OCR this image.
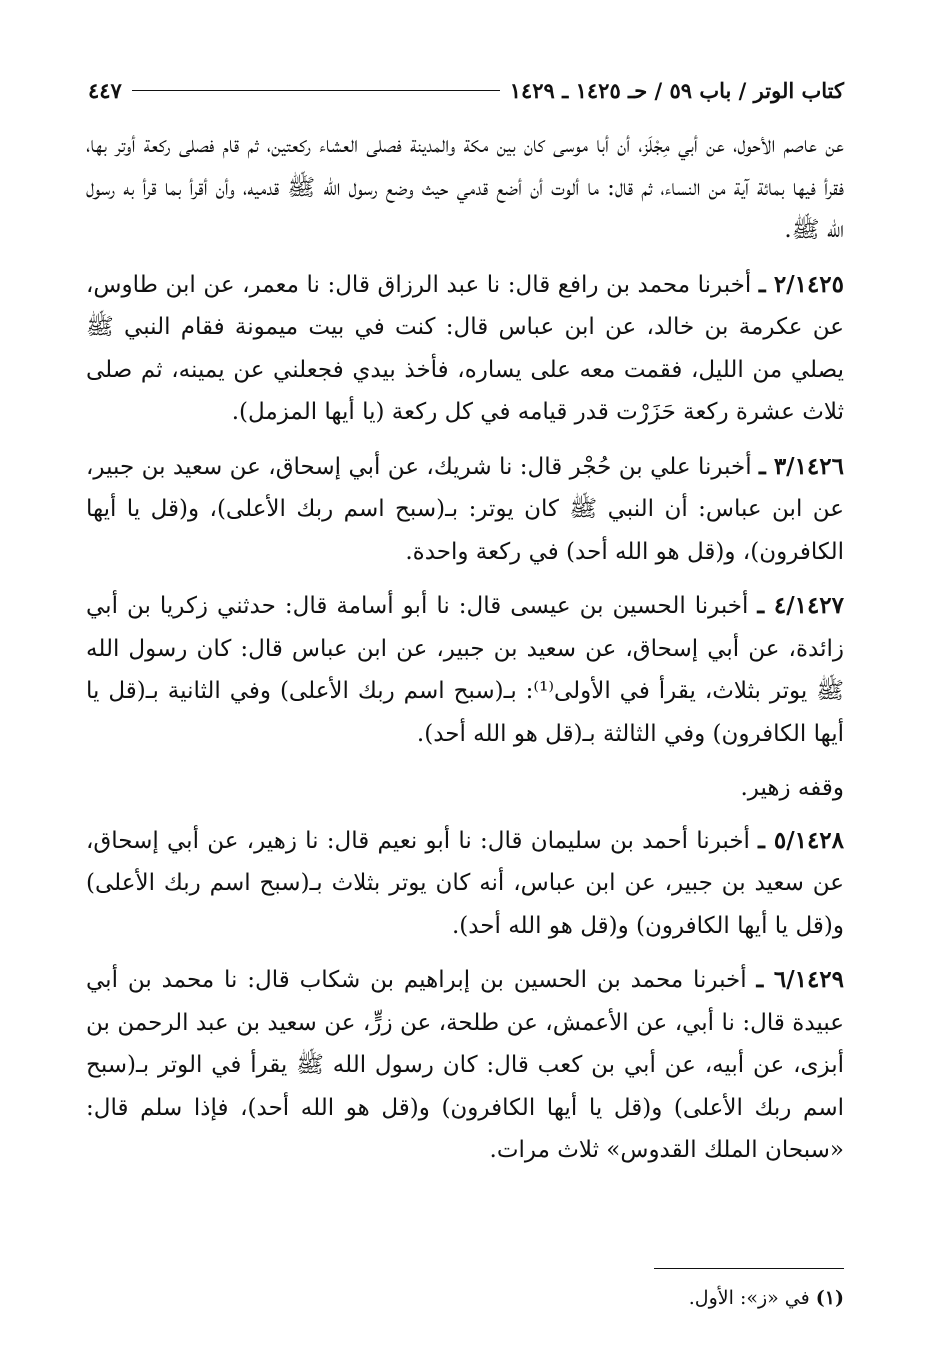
كتاب الوتر / باب ٥٩ / حـ ١٤٢٥ ـ ١٤٢٩
٤٤٧

عن عاصم الأحول، عن أبي مِجْلَز، أن أبا موسى كان بين مكة والمدينة فصلى العشاء ركعتين، ثم قام فصلى ركعة أوتر بها، فقرأ فيها بمائة آية من النساء، ثم قال: ما ألوت أن أضع قدمي حيث وضع رسول الله ﷺ قدميه، وأن أقرأ بما قرأ به رسول الله ﷺ.

٢/١٤٢٥ ـ أخبرنا محمد بن رافع قال: نا عبد الرزاق قال: نا معمر، عن ابن طاوس، عن عكرمة بن خالد، عن ابن عباس قال: كنت في بيت ميمونة فقام النبي ﷺ يصلي من الليل، فقمت معه على يساره، فأخذ بيدي فجعلني عن يمينه، ثم صلى ثلاث عشرة ركعة حَزَرْت قدر قيامه في كل ركعة (يا أيها المزمل).

٣/١٤٢٦ ـ أخبرنا علي بن حُجْر قال: نا شريك، عن أبي إسحاق، عن سعيد بن جبير، عن ابن عباس: أن النبي ﷺ كان يوتر: بـ(سبح اسم ربك الأعلى)، و(قل يا أيها الكافرون)، و(قل هو الله أحد) في ركعة واحدة.

٤/١٤٢٧ ـ أخبرنا الحسين بن عيسى قال: نا أبو أسامة قال: حدثني زكريا بن أبي زائدة، عن أبي إسحاق، عن سعيد بن جبير، عن ابن عباس قال: كان رسول الله ﷺ يوتر بثلاث، يقرأ في الأولى⁽¹⁾: بـ(سبح اسم ربك الأعلى) وفي الثانية بـ(قل يا أيها الكافرون) وفي الثالثة بـ(قل هو الله أحد).

وقفه زهير.

٥/١٤٢٨ ـ أخبرنا أحمد بن سليمان قال: نا أبو نعيم قال: نا زهير، عن أبي إسحاق، عن سعيد بن جبير، عن ابن عباس، أنه كان يوتر بثلاث بـ(سبح اسم ربك الأعلى) و(قل يا أيها الكافرون) و(قل هو الله أحد).

٦/١٤٢٩ ـ أخبرنا محمد بن الحسين بن إبراهيم بن شكاب قال: نا محمد بن أبي عبيدة قال: نا أبي، عن الأعمش، عن طلحة، عن زرٍّ، عن سعيد بن عبد الرحمن بن أبزى، عن أبيه، عن أبي بن كعب قال: كان رسول الله ﷺ يقرأ في الوتر بـ(سبح اسم ربك الأعلى) و(قل يا أيها الكافرون) و(قل هو الله أحد)، فإذا سلم قال: «سبحان الملك القدوس» ثلاث مرات.

(١) في «ز»: الأول.
